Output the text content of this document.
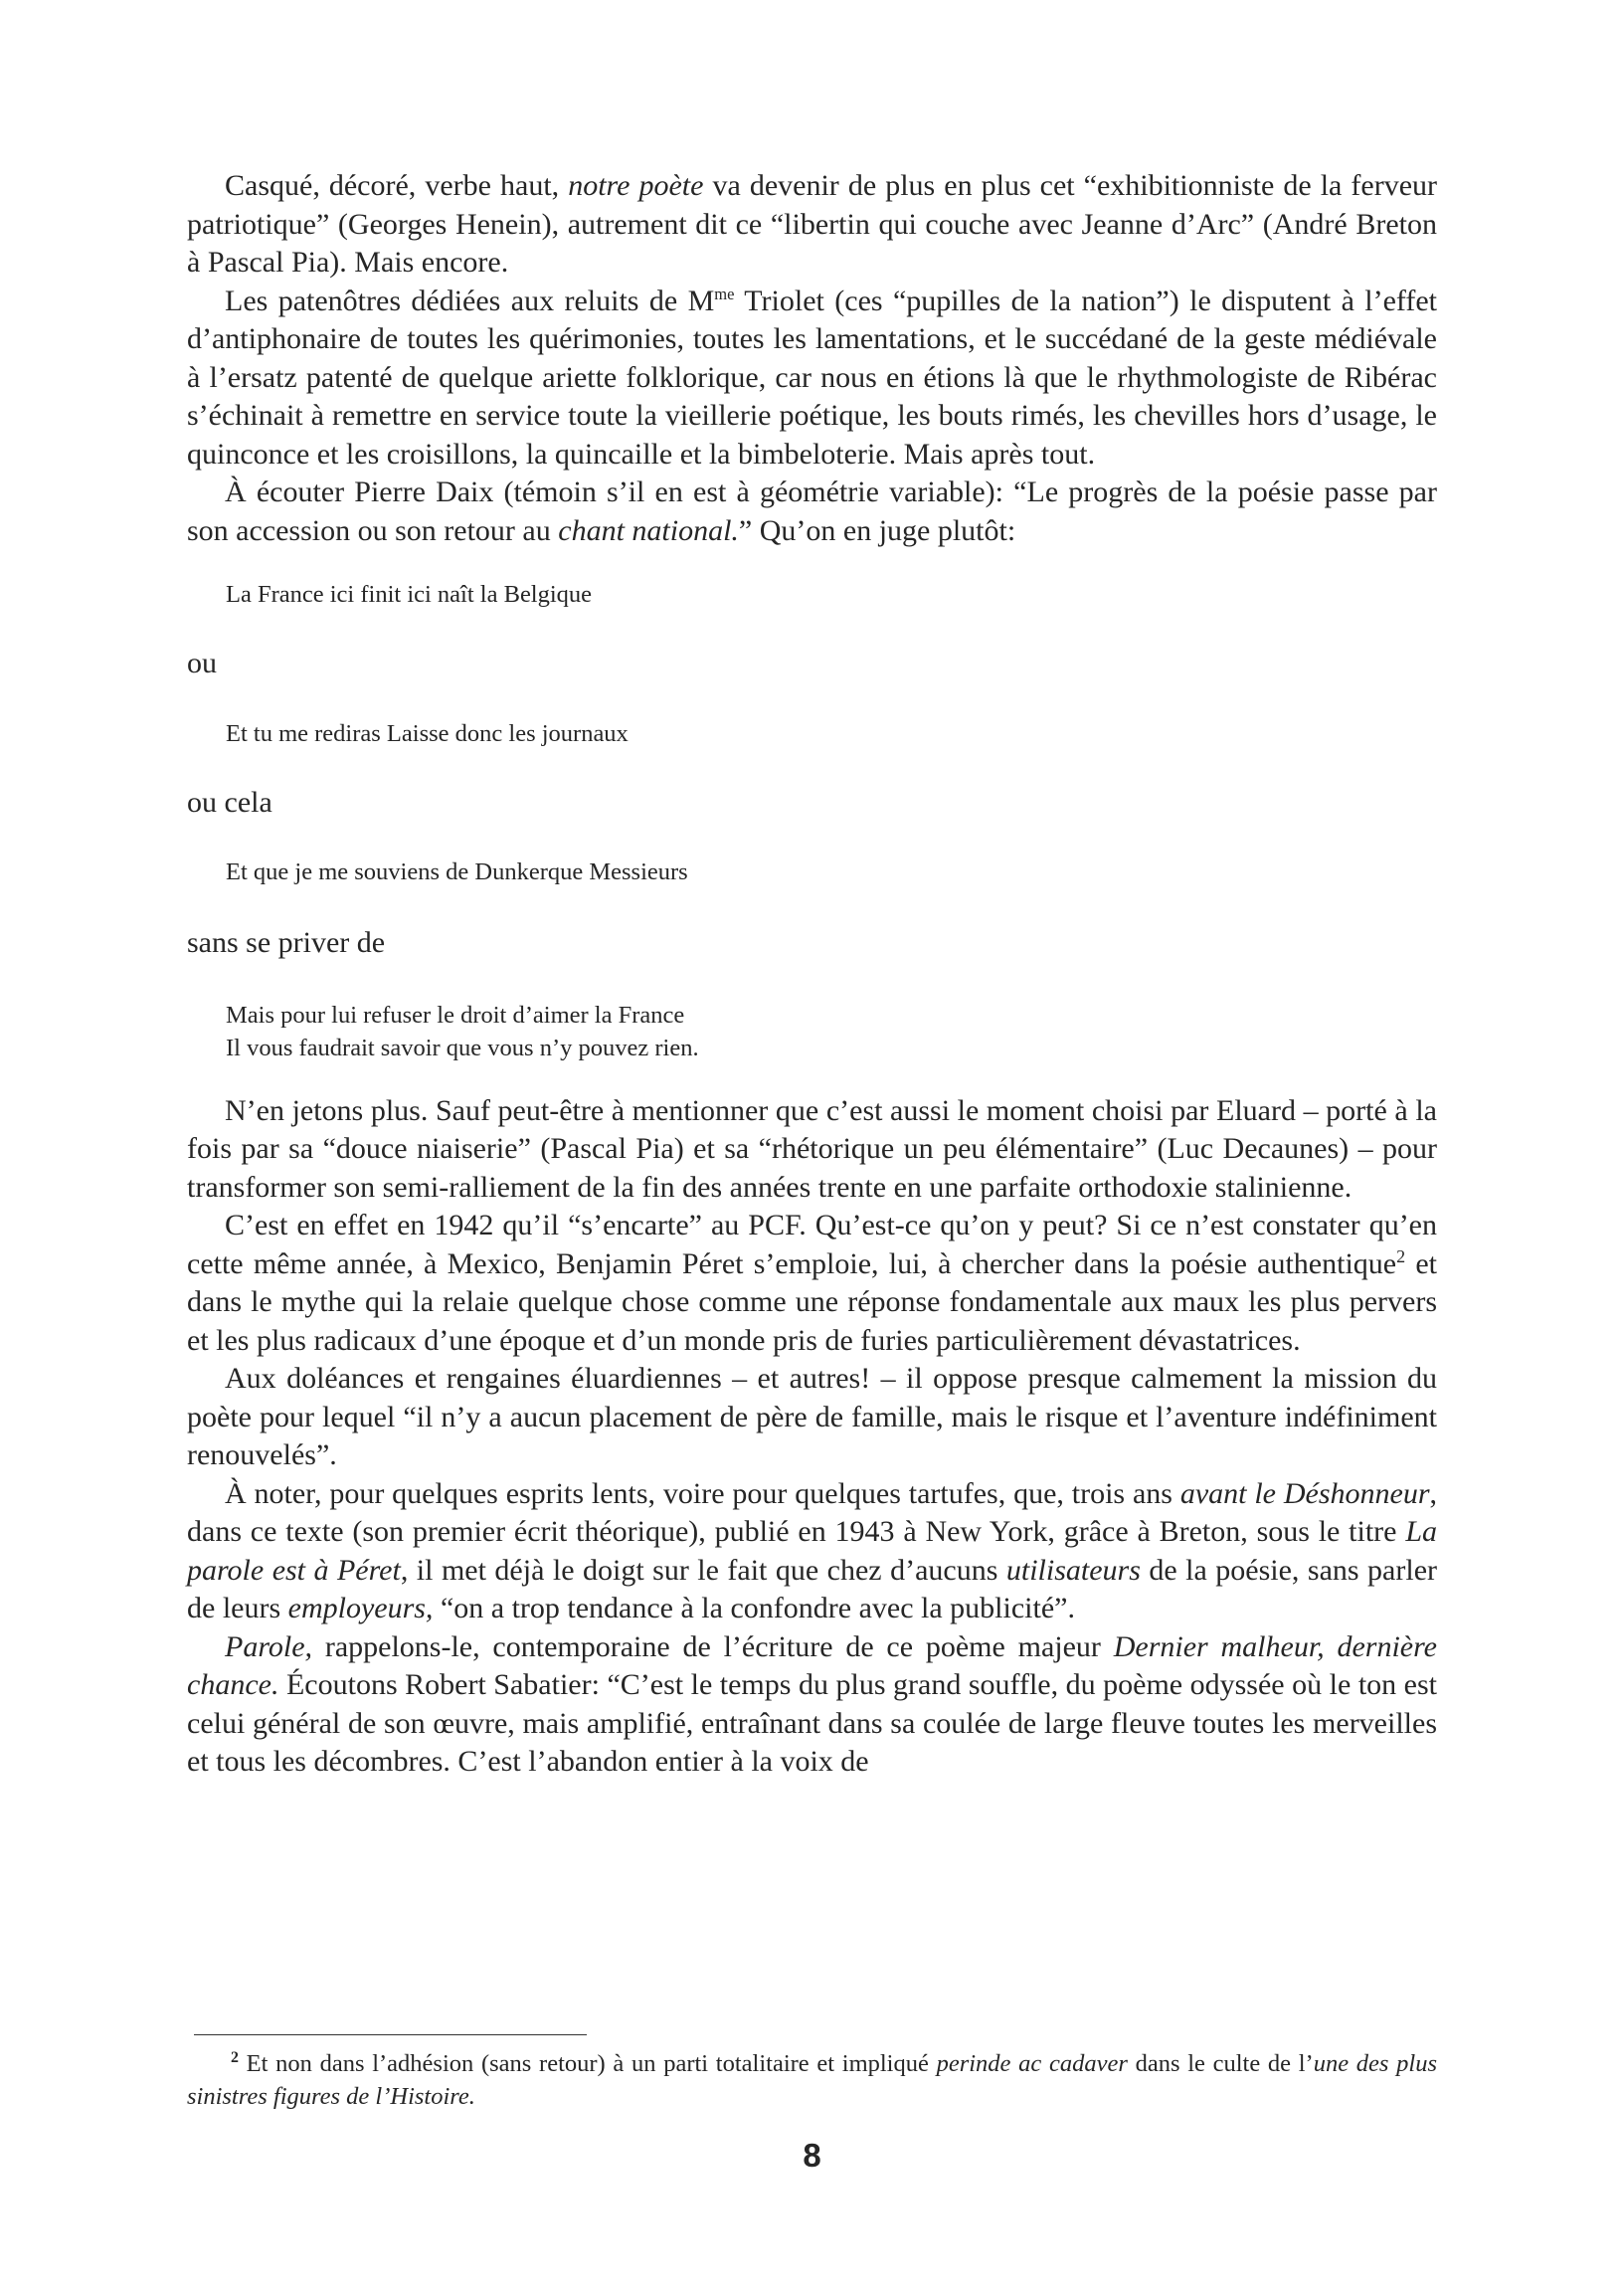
Casqué, décoré, verbe haut, notre poète va devenir de plus en plus cet “exhibitionniste de la ferveur patriotique” (Georges Henein), autrement dit ce “libertin qui couche avec Jeanne d’Arc” (André Breton à Pascal Pia). Mais encore.

Les patenôtres dédiées aux reluits de $M^{me}$ Triolet (ces “pupilles de la nation”) le disputent à l’effet d’antiphonaire de toutes les quérimonies, toutes les lamentations, et le succédané de la geste médiévale à l’ersatz patenté de quelque ariette folklorique, car nous en étions là que le rhythmologiste de Ribérac s’échinait à remettre en service toute la vieillerie poétique, les bouts rimés, les chevilles hors d’usage, le quinconce et les croisillons, la quincaille et la bimbeloterie. Mais après tout.

À écouter Pierre Daix (témoin s’il en est à géométrie variable): “Le progrès de la poésie passe par son accession ou son retour au chant national.” Qu’on en juge plutôt:

La France ici finit ici naît la Belgique

ou

Et tu me rediras Laisse donc les journaux

ou cela

Et que je me souviens de Dunkerque Messieurs

sans se priver de

Mais pour lui refuser le droit d’aimer la France

Il vous faudrait savoir que vous n’y pouvez rien.

N’en jetons plus. Sauf peut-être à mentionner que c’est aussi le moment choisi par Eluard – porté à la fois par sa “douce niaiserie” (Pascal Pia) et sa “rhétorique un peu élémentaire” (Luc Decaunes) – pour transformer son semi-ralliement de la fin des années trente en une parfaite orthodoxie stalinienne.

C’est en effet en 1942 qu’il “s’encarte” au PCF. Qu’est-ce qu’on y peut? Si ce n’est constater qu’en cette même année, à Mexico, Benjamin Péret s’emploie, lui, à chercher dans la poésie authentique$^2$ et dans le mythe qui la relaie quelque chose comme une réponse fondamentale aux maux les plus pervers et les plus radicaux d’une époque et d’un monde pris de furies particulièrement dévastatrices.

Aux doléances et rengaines éluardiennes – et autres! – il oppose presque calmement la mission du poète pour lequel “il n’y a aucun placement de père de famille, mais le risque et l’aventure indéfiniment renouvelés”.

À noter, pour quelques esprits lents, voire pour quelques tartufes, que, trois ans avant le Déshonneur, dans ce texte (son premier écrit théorique), publié en 1943 à New York, grâce à Breton, sous le titre La parole est à Péret, il met déjà le doigt sur le fait que chez d’aucuns utilisateurs de la poésie, sans parler de leurs employeurs, “on a trop tendance à la confondre avec la publicité”.

Parole, rappelons-le, contemporaine de l’écriture de ce poème majeur Dernier malheur, dernière chance. Écoutons Robert Sabatier: “C’est le temps du plus grand souffle, du poème odyssée où le ton est celui général de son œuvre, mais amplifié, entraînant dans sa coulée de large fleuve toutes les merveilles et tous les décombres. C’est l’abandon entier à la voix de

$^2$ Et non dans l’adhésion (sans retour) à un parti totalitaire et impliqué perinde ac cadaver dans le culte de l’une des plus sinistres figures de l’Histoire.

8
